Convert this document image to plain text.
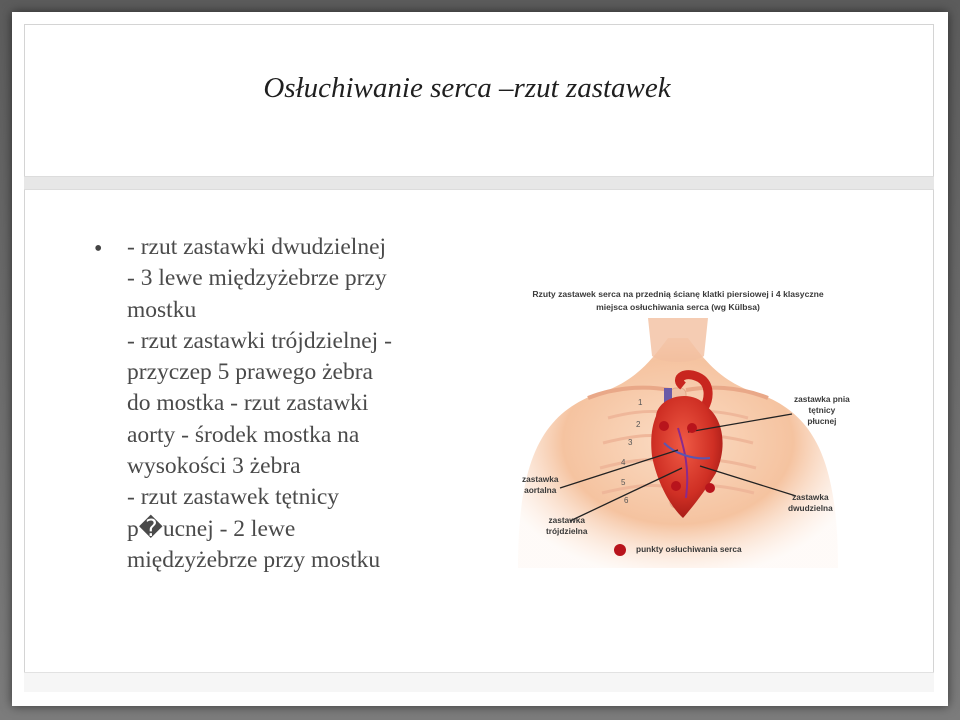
Osłuchiwanie serca –rzut zastawek
• - rzut zastawki dwudzielnej
- 3 lewe międzyżebrze przy
mostku
- rzut zastawki trójdzielnej -
przyczep 5 prawego żebra
do mostka - rzut zastawki
aorty - środek mostka na
wysokości 3 żebra
- rzut zastawek tętnicy
p�ucnej - 2 lewe
międzyżebrze przy mostku
Rzuty zastawek serca na przednią ścianę klatki piersiowej i 4 klasyczne
miejsca osłuchiwania serca (wg Külbsa)
1
2
3
4
5
6
zastawka pnia
tętnicy
płucnej
zastawka
aortalna
zastawka
trójdzielna
zastawka
dwudzielna
punkty osłuchiwania serca
